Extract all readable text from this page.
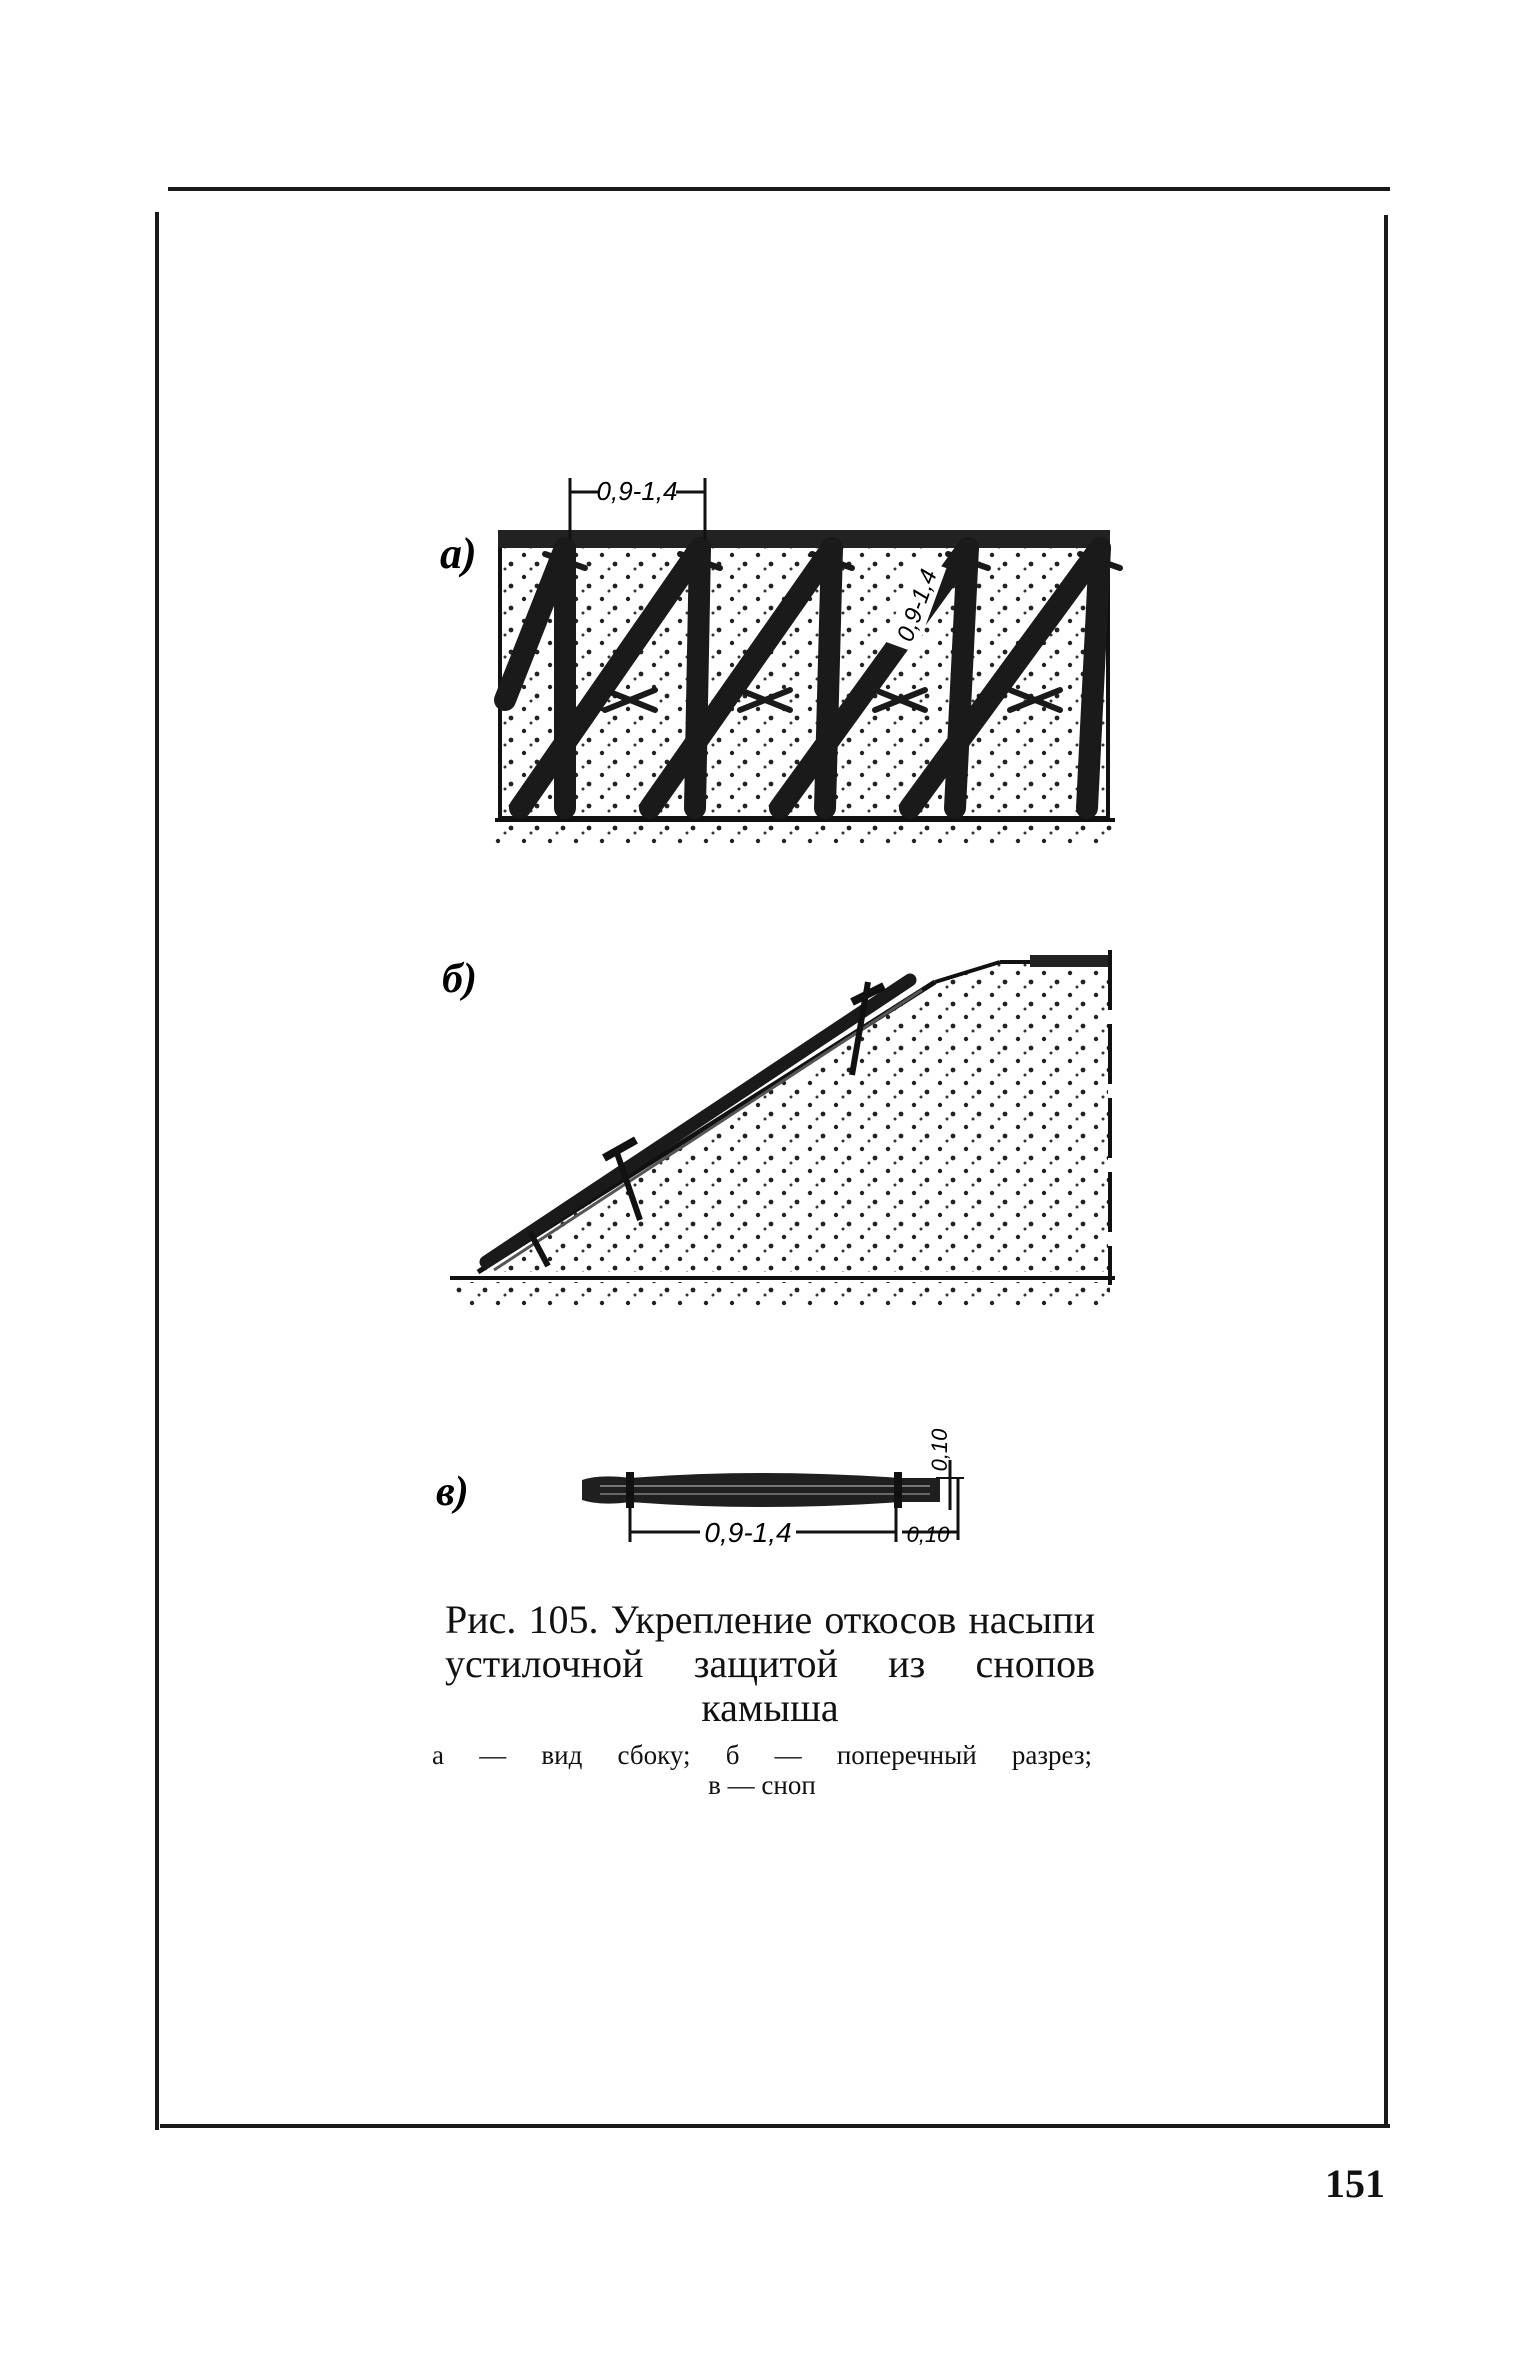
0,9-1,4
0,9-1,4
а)
б)
0,9-1,4	0,10
0,10
в)

Рис. 105. Укрепление откосов насыпи

устилочной защитой из снопов

камыша

а — вид сбоку; б — поперечный разрез;

в — сноп

151
